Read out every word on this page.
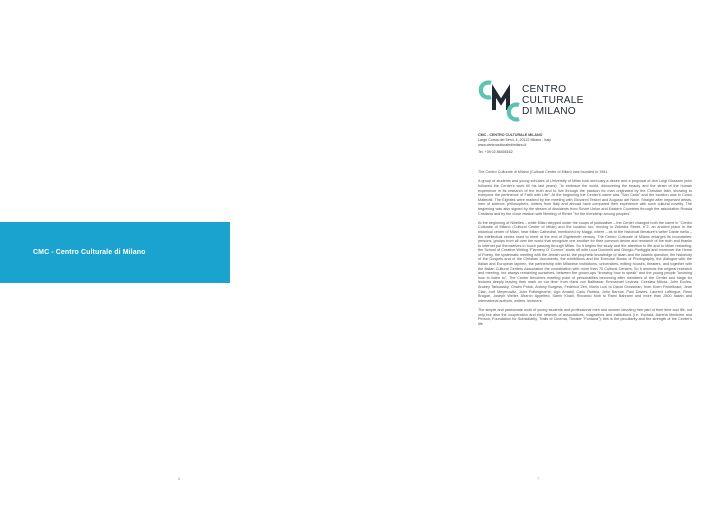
CMC - Centro Culturale di Milano
6
CENTRO
CULTURALE
DI MILANO
CMC - CENTRO CULTURALE MILANO
Largo Corsia dei Servi, 4, 20122 Milano - Italy
www.centroculturaledimilano.it
Tel. +39 02 86455162

The Centro Culturale di Milano (Cultural Center of Milan) was founded in 1981.

A group of students and young scholars of University of Milan took seriously a desire and a proposal of don Luigi Giussani (who followed the Center's work till his last years): "to embrace the world, discovering the beauty and the strain of the human experience in its research of the truth and to live through the passion for man originated by the Christian faith, showing to everyone the pertinence of Faith with Life". At the beginning the Center's name was "San Carlo" and the location was in Corso Matteotti. The Eighties were marked by the meeting with Giovanni Testori and Augusto del Noce. Straight after important artists, men of science, philosophers, writers from Italy and abroad have compared their experience with such cultural novelty. The beginning was also signed by the stream of dissidents from Soviet Union and Eastern Countries through the association Russia Cristiana and by the close relation with Meeting of Rimini "for the friendship among peoples".

At the beginning of Nineties – while Milan stepped under the coups of justicialism – the Center changed both the name in "Centro Culturale di Milano (Cultural Center of Milan) and the location too, moving in Zebedia Street, n°2, an ancient place in the historical center of Milan, near Milan Cathedral, mentioned by Maggi, where – as to the historical literature's writer Dante Isella – the intellectual circles used to meet at the end of Eighteenth century. The Centro Culturale di Milano enlarges its boundaries: persons, groups from all over the world that recognize one another for their common desire and research of the truth and thanks to internet put themselves in touch passing through Milan. So it begins the study and the attention to life and to Milan restarting, the School of Creative Writing "Flannery O' Connor" starts off with Luca Doninelli and Giorgio Pontiggia and moreover the Home of Poetry, the systematic meeting with the Jewish world, the prophetic knowledge of Islam and the Islamic question, the historicity of the Gospels and of the Christian documents, the exhibitions and the Exercise Books of Photography, the dialogue with the Italian and European laymen, the partnership with Milanese institutions, universities, editing houses, theaters, and together with the Italian Cultural Centers Association the coordination with more than 70 Cultural Centers. So it amends the original research and meeting, but always remaining ourselves, between the grown-ups "knowing how to speak" and the young people "knowing how to listen to". The Center becomes meeting point of personalities becoming after members of the Center and stage for lectures deeply leaving their mark on our time: from Hans von Balthasar, Emmanuel Levinas, Czeslaw Milosz, John Eccles, Andrey Tarkowsky, Chaim Potok, Antony Burgess, Federico Zeri, Mario Luzi to David Grossman, from Koen Finkelkraut, Jean Clair, Joel Meyerowitz, John Polkinghorne, Ugo Amaldi, Carlo Rubbia, John Barrow, Paul Davies, Laurent Lafforgue, Remi Brague, Joseph Weiler, Aharon Appelfed, Samir Khalil, Riccardo Muti to Rami Bahrami and more than 2500 Italian and international authors, writers, lecturers.

The simple and passionate work of young students and professional men and women devoting free part of their time and life, not only but also the cooperation and the network of associations, magazines and institutions (i.e. Eurasia, Adrena Medicine and Person, Foundation for Subsidiarity, Trails of Cinema, Theater "Fontana"): this is the peculiarity and the strength of the Center's life.

7
